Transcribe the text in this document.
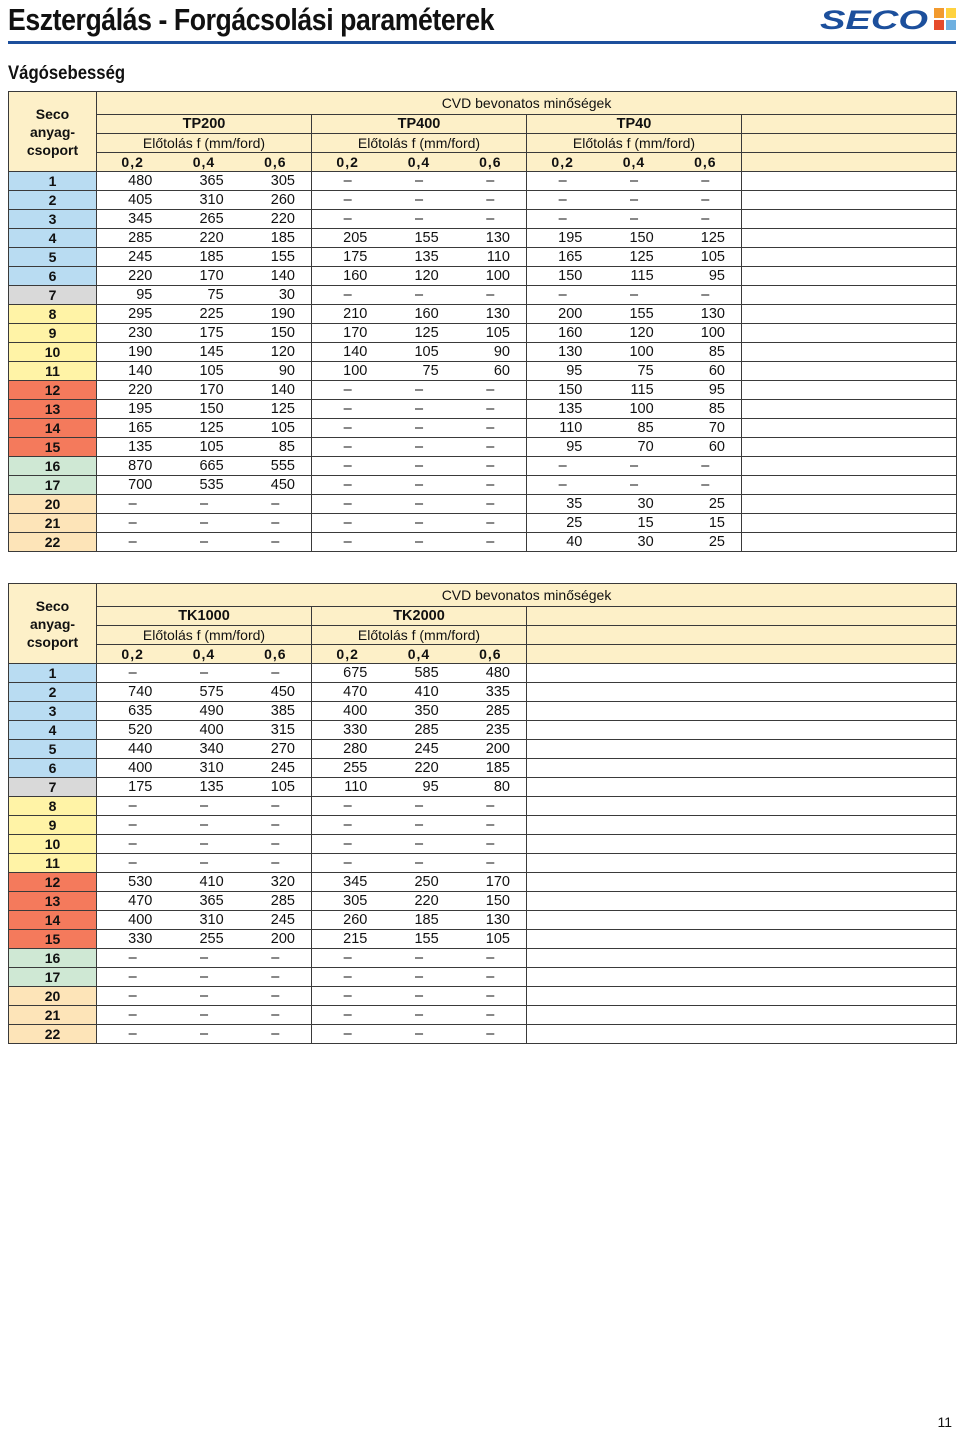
Esztergálás - Forgácsolási paraméterek	SECO
Vágósebesség
Seco
anyag-
csoport	CVD bevonatos minőségek			
	TP200	TP400	TP40	
	Előtolás f (mm/ford)	Előtolás f (mm/ford)	Előtolás f (mm/ford)	

	0,2 0,4 0,6	0,2 0,4 0,6	0,2 0,4 0,6	

1	480 365 305	– – –	– – –	

2	405 310 260	– – –	– – –	

3	345 265 220	– – –	– – –	

4	285 220 185	205 155 130	195 150 125	

5	245 185 155	175 135 110	165 125 105	

6	220 170 140	160 120 100	150 115 95	

7	95 75 30	– – –	– – –	

8	295 225 190	210 160 130	200 155 130	

9	230 175 150	170 125 105	160 120 100	

10	190 145 120	140 105 90	130 100 85	

11	140 105 90	100 75 60	95 75 60	

12	220 170 140	– – –	150 115 95	

13	195 150 125	– – –	135 100 85	

14	165 125 105	– – –	110 85 70	

15	135 105 85	– – –	95 70 60	

16	870 665 555	– – –	– – –	

17	700 535 450	– – –	– – –	

20	– – –	– – –	35 30 25	

21	– – –	– – –	25 15 15	

22	– – –	– – –	40 30 25	

Seco
anyag-
csoport	CVD bevonatos minőségek		
	TK1000	TK2000	
	Előtolás f (mm/ford)	Előtolás f (mm/ford)	

	0,2 0,4 0,6	0,2 0,4 0,6	

1	– – –	675 585 480	

2	740 575 450	470 410 335	

3	635 490 385	400 350 285	

4	520 400 315	330 285 235	

5	440 340 270	280 245 200	

6	400 310 245	255 220 185	

7	175 135 105	110 95 80	

8	– – –	– – –	

9	– – –	– – –	

10	– – –	– – –	

11	– – –	– – –	

12	530 410 320	345 250 170	

13	470 365 285	305 220 150	

14	400 310 245	260 185 130	

15	330 255 200	215 155 105	

16	– – –	– – –	

17	– – –	– – –	

20	– – –	– – –	

21	– – –	– – –	

22	– – –	– – –	

11
